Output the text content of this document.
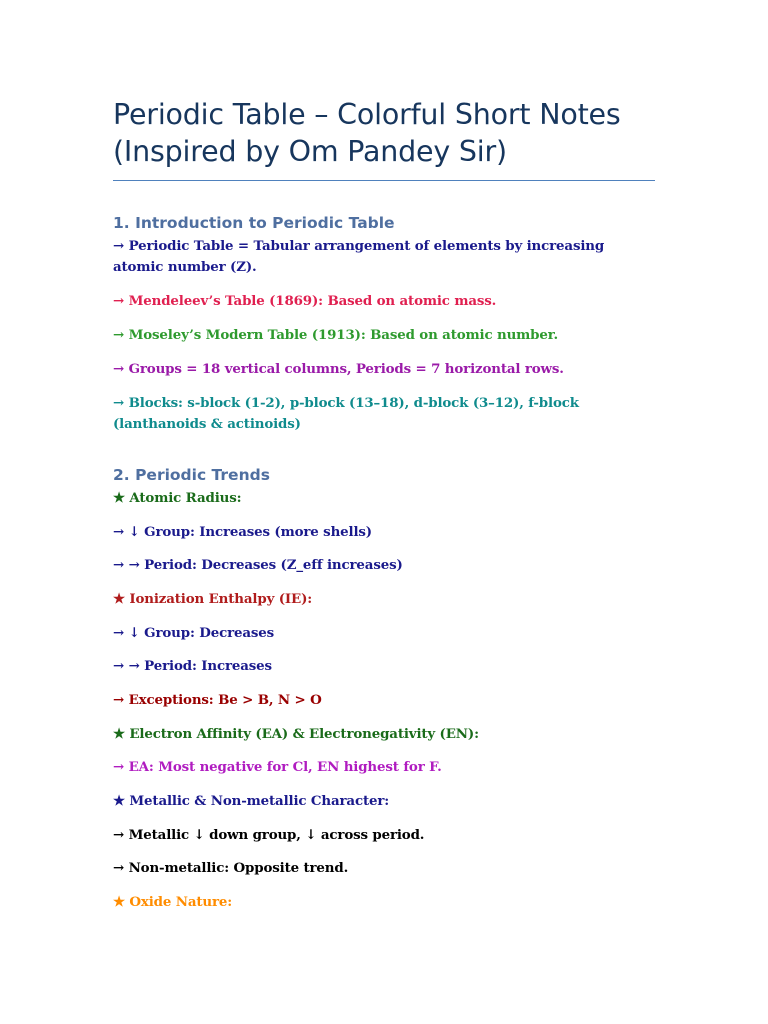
Periodic Table – Colorful Short Notes
(Inspired by Om Pandey Sir)
1. Introduction to Periodic Table

→ Periodic Table = Tabular arrangement of elements by increasing atomic number (Z).

→ Mendeleev’s Table (1869): Based on atomic mass.

→ Moseley’s Modern Table (1913): Based on atomic number.

→ Groups = 18 vertical columns, Periods = 7 horizontal rows.

→ Blocks: s-block (1-2), p-block (13–18), d-block (3–12), f-block (lanthanoids & actinoids)

2. Periodic Trends

★ Atomic Radius:

→ ↓ Group: Increases (more shells)

→ → Period: Decreases (Z_eff increases)

★ Ionization Enthalpy (IE):

→ ↓ Group: Decreases

→ → Period: Increases

→ Exceptions: Be > B, N > O

★ Electron Affinity (EA) & Electronegativity (EN):

→ EA: Most negative for Cl, EN highest for F.

★ Metallic & Non-metallic Character:

→ Metallic ↓ down group, ↓ across period.

→ Non-metallic: Opposite trend.

★ Oxide Nature:
